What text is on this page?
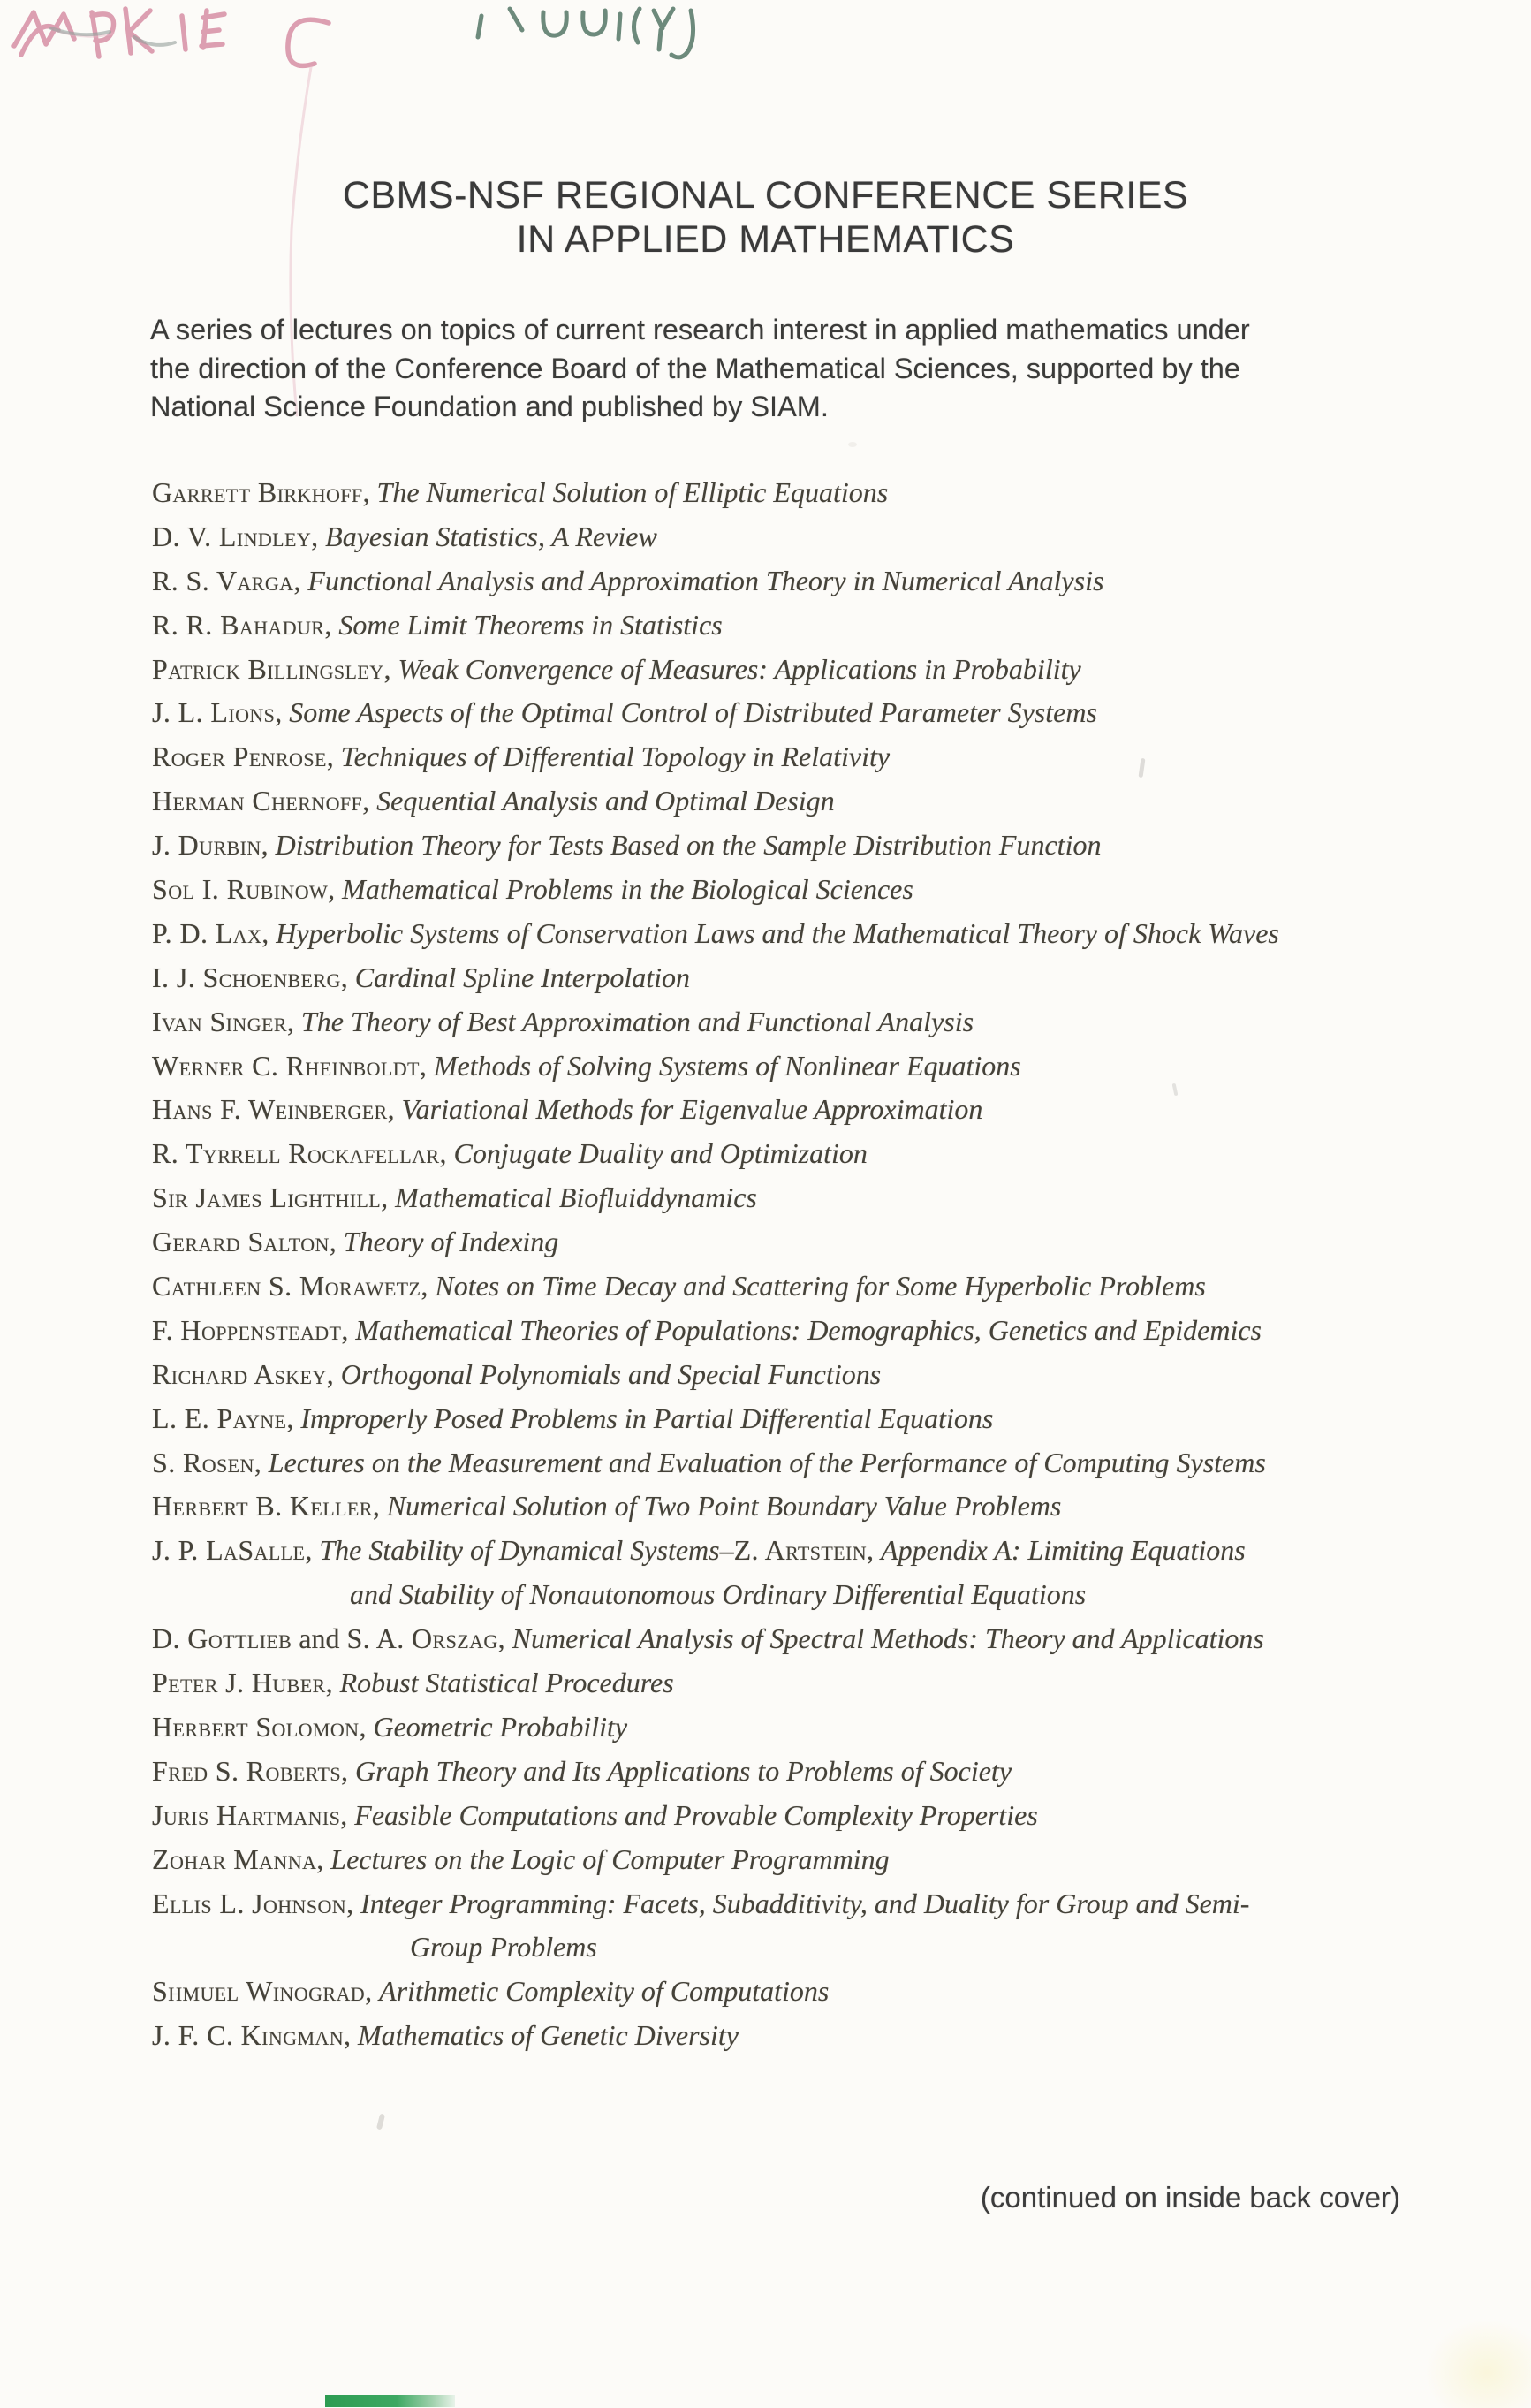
CBMS-NSF REGIONAL CONFERENCE SERIES
IN APPLIED MATHEMATICS
A series of lectures on topics of current research interest in applied mathematics under
the direction of the Conference Board of the Mathematical Sciences, supported by the
National Science Foundation and published by SIAM.
Garrett Birkhoff, The Numerical Solution of Elliptic Equations
D. V. Lindley, Bayesian Statistics, A Review
R. S. Varga, Functional Analysis and Approximation Theory in Numerical Analysis
R. R. Bahadur, Some Limit Theorems in Statistics
Patrick Billingsley, Weak Convergence of Measures: Applications in Probability
J. L. Lions, Some Aspects of the Optimal Control of Distributed Parameter Systems
Roger Penrose, Techniques of Differential Topology in Relativity
Herman Chernoff, Sequential Analysis and Optimal Design
J. Durbin, Distribution Theory for Tests Based on the Sample Distribution Function
Sol I. Rubinow, Mathematical Problems in the Biological Sciences
P. D. Lax, Hyperbolic Systems of Conservation Laws and the Mathematical Theory of Shock Waves
I. J. Schoenberg, Cardinal Spline Interpolation
Ivan Singer, The Theory of Best Approximation and Functional Analysis
Werner C. Rheinboldt, Methods of Solving Systems of Nonlinear Equations
Hans F. Weinberger, Variational Methods for Eigenvalue Approximation
R. Tyrrell Rockafellar, Conjugate Duality and Optimization
Sir James Lighthill, Mathematical Biofluiddynamics
Gerard Salton, Theory of Indexing
Cathleen S. Morawetz, Notes on Time Decay and Scattering for Some Hyperbolic Problems
F. Hoppensteadt, Mathematical Theories of Populations: Demographics, Genetics and Epidemics
Richard Askey, Orthogonal Polynomials and Special Functions
L. E. Payne, Improperly Posed Problems in Partial Differential Equations
S. Rosen, Lectures on the Measurement and Evaluation of the Performance of Computing Systems
Herbert B. Keller, Numerical Solution of Two Point Boundary Value Problems
J. P. LaSalle, The Stability of Dynamical Systems–Z. Artstein, Appendix A: Limiting Equations
and Stability of Nonautonomous Ordinary Differential Equations
D. Gottlieb and S. A. Orszag, Numerical Analysis of Spectral Methods: Theory and Applications
Peter J. Huber, Robust Statistical Procedures
Herbert Solomon, Geometric Probability
Fred S. Roberts, Graph Theory and Its Applications to Problems of Society
Juris Hartmanis, Feasible Computations and Provable Complexity Properties
Zohar Manna, Lectures on the Logic of Computer Programming
Ellis L. Johnson, Integer Programming: Facets, Subadditivity, and Duality for Group and Semi-
Group Problems
Shmuel Winograd, Arithmetic Complexity of Computations
J. F. C. Kingman, Mathematics of Genetic Diversity
(continued on inside back cover)
